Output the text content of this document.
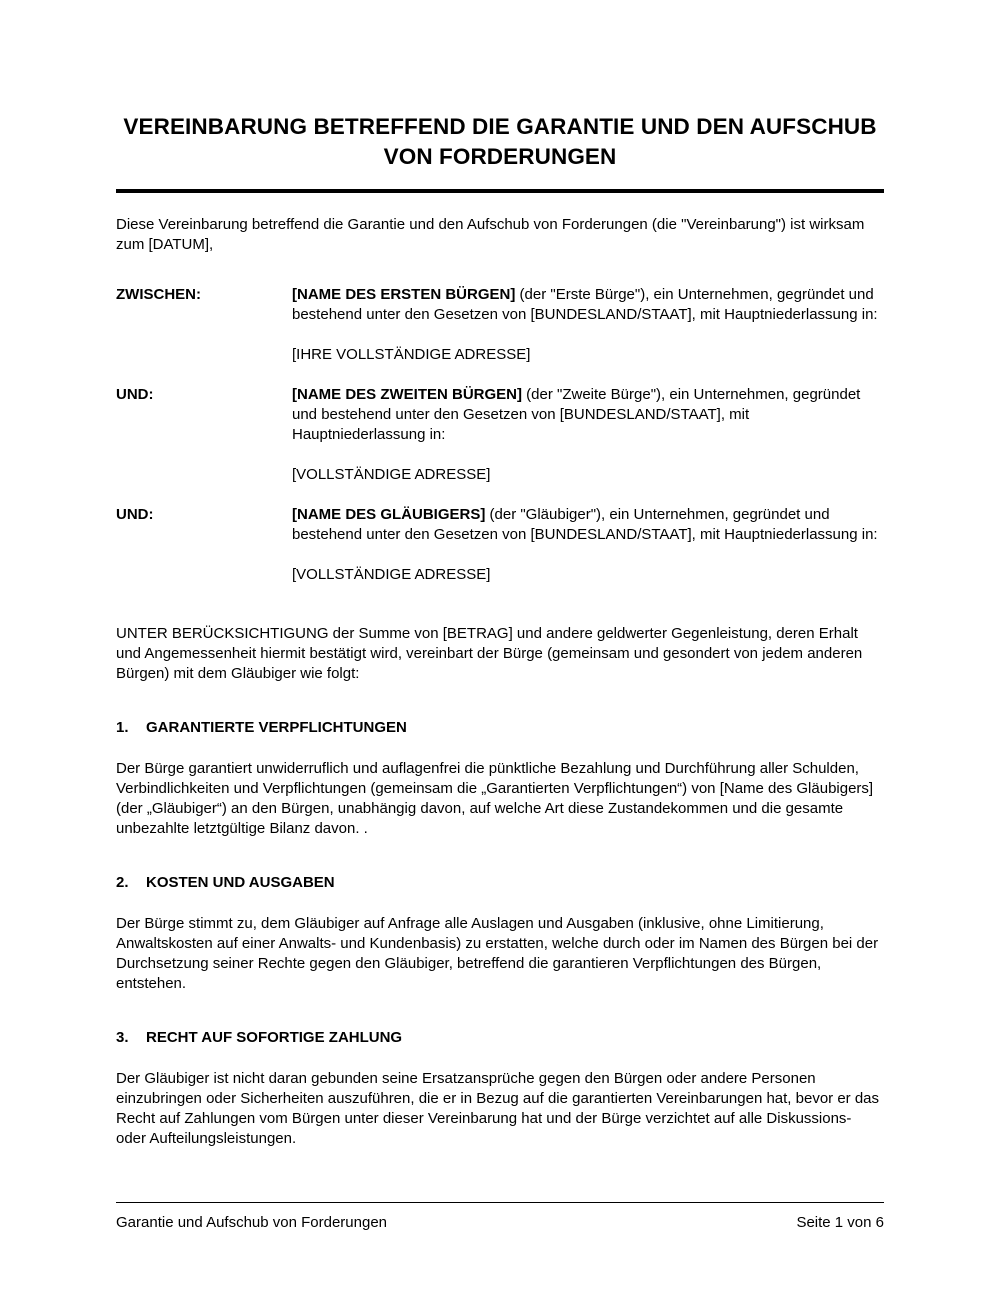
VEREINBARUNG BETREFFEND DIE GARANTIE UND DEN AUFSCHUB VON FORDERUNGEN

Diese Vereinbarung betreffend die Garantie und den Aufschub von Forderungen (die "Vereinbarung") ist wirksam zum [DATUM],

ZWISCHEN:	[NAME DES ERSTEN BÜRGEN] (der "Erste Bürge"), ein Unternehmen, gegründet und bestehend unter den Gesetzen von [BUNDESLAND/STAAT], mit Hauptniederlassung in:

[IHRE VOLLSTÄNDIGE ADRESSE]

UND:	[NAME DES ZWEITEN BÜRGEN] (der "Zweite Bürge"), ein Unternehmen, gegründet und bestehend unter den Gesetzen von [BUNDESLAND/STAAT], mit Hauptniederlassung in:

[VOLLSTÄNDIGE ADRESSE]

UND:	[NAME DES GLÄUBIGERS] (der "Gläubiger"), ein Unternehmen, gegründet und bestehend unter den Gesetzen von [BUNDESLAND/STAAT], mit Hauptniederlassung in:

[VOLLSTÄNDIGE ADRESSE]

UNTER BERÜCKSICHTIGUNG der Summe von [BETRAG] und andere geldwerter Gegenleistung, deren Erhalt und Angemessenheit hiermit bestätigt wird, vereinbart der Bürge (gemeinsam und gesondert von jedem anderen Bürgen) mit dem Gläubiger wie folgt:

1.	GARANTIERTE VERPFLICHTUNGEN

Der Bürge garantiert unwiderruflich und auflagenfrei die pünktliche Bezahlung und Durchführung aller Schulden, Verbindlichkeiten und Verpflichtungen (gemeinsam die „Garantierten Verpflichtungen“) von [Name des Gläubigers] (der „Gläubiger“) an den Bürgen, unabhängig davon, auf welche Art diese Zustandekommen und die gesamte unbezahlte letztgültige Bilanz davon. .

2.	KOSTEN UND AUSGABEN

Der Bürge stimmt zu, dem Gläubiger auf Anfrage alle Auslagen und Ausgaben (inklusive, ohne Limitierung, Anwaltskosten auf einer Anwalts- und Kundenbasis) zu erstatten, welche durch oder im Namen des Bürgen bei der Durchsetzung seiner Rechte gegen den Gläubiger, betreffend die garantieren Verpflichtungen des Bürgen, entstehen.

3.	RECHT AUF SOFORTIGE ZAHLUNG

Der Gläubiger ist nicht daran gebunden seine Ersatzansprüche gegen den Bürgen oder andere Personen einzubringen oder Sicherheiten auszuführen, die er in Bezug auf die garantierten Vereinbarungen hat, bevor er das Recht auf Zahlungen vom Bürgen unter dieser Vereinbarung hat und der Bürge verzichtet auf alle Diskussions- oder Aufteilungsleistungen.

Garantie und Aufschub von Forderungen	Seite 1 von 6
